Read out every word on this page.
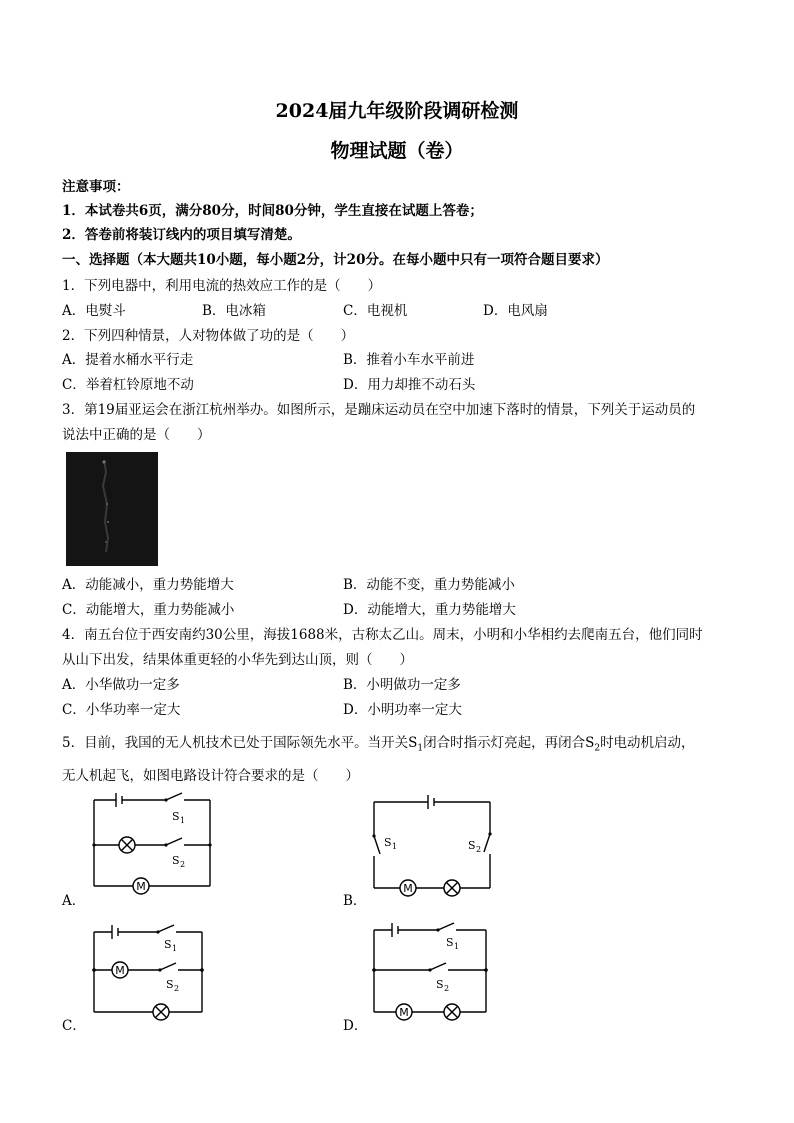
2024届九年级阶段调研检测
物理试题（卷）
注意事项：
1．本试卷共6页，满分80分，时间80分钟，学生直接在试题上答卷；
2．答卷前将装订线内的项目填写清楚。
一、选择题（本大题共10小题，每小题2分，计20分。在每小题中只有一项符合题目要求）
1．下列电器中，利用电流的热效应工作的是（　　）
A．电熨斗	B．电冰箱	C．电视机	D．电风扇
2．下列四种情景，人对物体做了功的是（　　）
A．提着水桶水平行走	B．推着小车水平前进
C．举着杠铃原地不动	D．用力却推不动石头
3．第19届亚运会在浙江杭州举办。如图所示，是蹦床运动员在空中加速下落时的情景，下列关于运动员的
说法中正确的是（　　）
A．动能减小，重力势能增大	B．动能不变，重力势能减小
C．动能增大，重力势能减小	D．动能增大，重力势能增大
4．南五台位于西安南约30公里，海拔1688米，古称太乙山。周末，小明和小华相约去爬南五台，他们同时
从山下出发，结果体重更轻的小华先到达山顶，则（　　）
A．小华做功一定多	B．小明做功一定多
C．小华功率一定大	D．小明功率一定大
5．目前，我国的无人机技术已处于国际领先水平。当开关$S_1$闭合时指示灯亮起，再闭合$S_2$时电动机启动，
无人机起飞，如图电路设计符合要求的是（　　）
M
S 1
S 2
A．
M
S 1	S 2
B．
M
S 1
S 2
C．
M
S 1
S 2
D．
